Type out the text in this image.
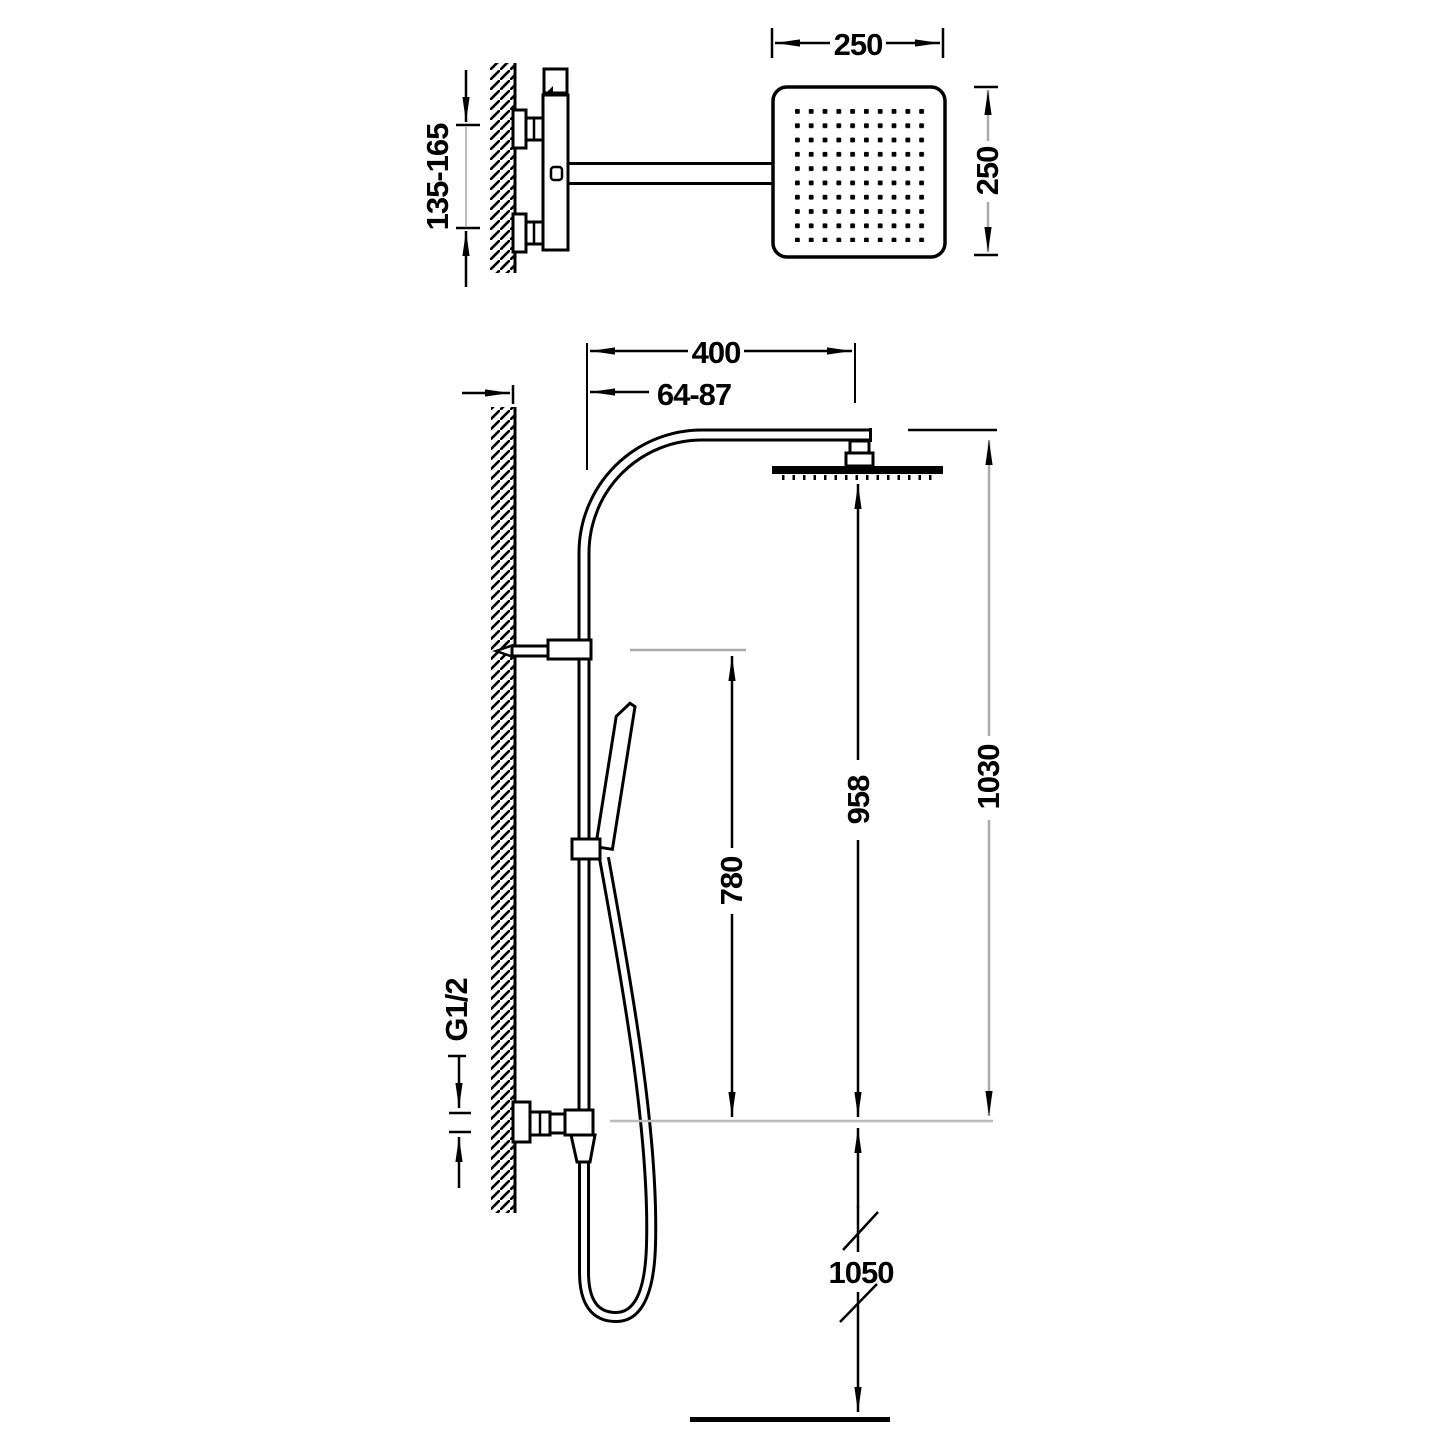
250
250
135-165
400
64-87
780
958	1030
1050
G1/2
